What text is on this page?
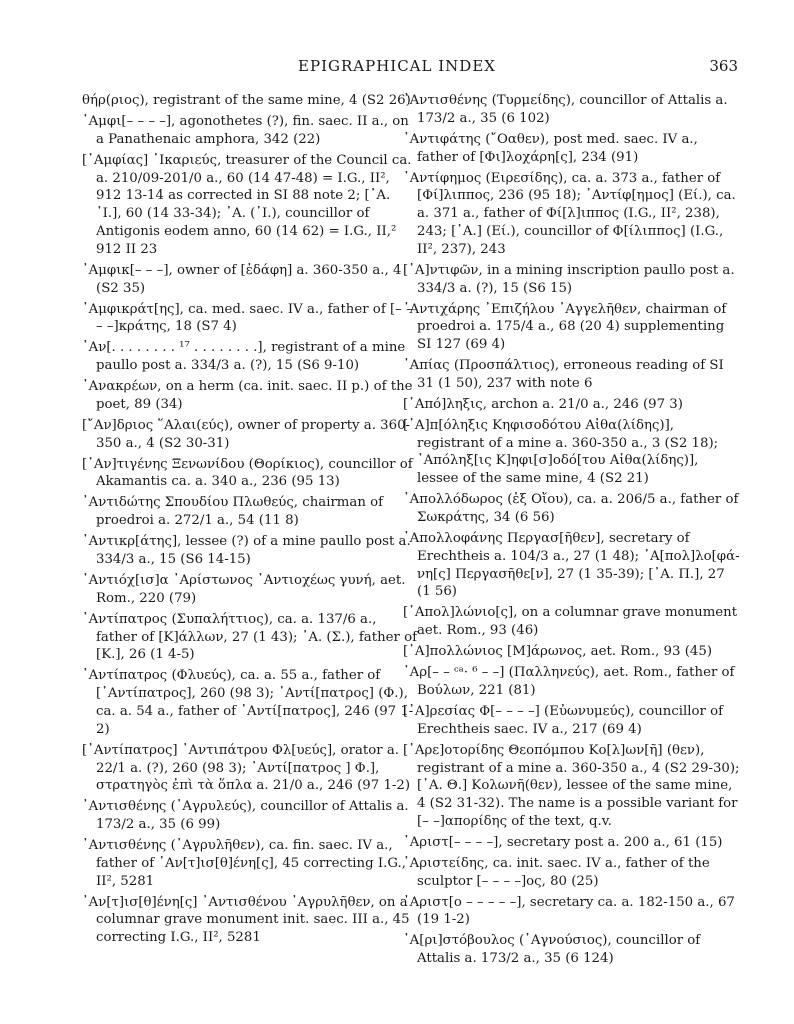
EPIGRAPHICAL INDEX	363

θήρ(ριος), registrant of the same mine, 4 (S2 26)

᾿Αμφι[– – – –], agonothetes (?), fin. saec. II a., on a Panathenaic amphora, 342 (22)

[᾿Αμφίας] ᾿Ικαριεύς, treasurer of the Council ca. a. 210/09-201/0 a., 60 (14 47-48) = I.G., II², 912 13-14 as corrected in SI 88 note 2; [᾿Α. ᾿Ι.], 60 (14 33-34); ᾿Α. (᾿Ι.), councillor of Antigonis eodem anno, 60 (14 62) = I.G., II,² 912 II 23

᾿Αμφικ[– – –], owner of [ἐδάφη] a. 360-350 a., 4 (S2 35)

᾿Αμφικράτ[ης], ca. med. saec. IV a., father of [– – – –]κράτης, 18 (S7 4)

᾿Αν[. . . . . . . . ¹⁷ . . . . . . . .], registrant of a mine paullo post a. 334/3 a. (?), 15 (S6 9-10)

᾿Ανακρέων, on a herm (ca. init. saec. II p.) of the poet, 89 (34)

[῎Αν]δριος ῞Αλαι(εύς), owner of property a. 360-350 a., 4 (S2 30-31)

[᾿Αν]τιγένης Ξενωνίδου (Θορίκιος), councillor of Akamantis ca. a. 340 a., 236 (95 13)

᾿Αντιδώτης Σπουδίου Πλωθεύς, chairman of proedroi a. 272/1 a., 54 (11 8)

᾿Αντικρ[άτης], lessee (?) of a mine paullo post a. 334/3 a., 15 (S6 14-15)

᾿Αντιόχ[ισ]α ᾿Αρίστωνος ᾿Αντιοχέως γυνή, aet. Rom., 220 (79)

᾿Αντίπατρος (Συπαλήττιος), ca. a. 137/6 a., father of [Κ]άλλων, 27 (1 43); ᾿Α. (Σ.), father of [Κ.], 26 (1 4-5)

᾿Αντίπατρος (Φλυεύς), ca. a. 55 a., father of [᾿Αντίπατρος], 260 (98 3); ᾿Αντί[πατρος] (Φ.), ca. a. 54 a., father of ᾿Αντί[πατρος], 246 (97 1-2)

[᾿Αντίπατρος] ᾿Αντιπάτρου Φλ[υεύς], orator a. 22/1 a. (?), 260 (98 3); ᾿Αντί[πατρος ] Φ.], στρατηγὸς ἐπὶ τὰ ὅπλα a. 21/0 a., 246 (97 1-2)

᾿Αντισθένης (᾿Αγρυλεύς), councillor of Attalis a. 173/2 a., 35 (6 99)

᾿Αντισθένης (᾿Αγρυλῆθεν), ca. fin. saec. IV a., father of ᾿Αν[τ]ισ[θ]ένη[ς], 45 correcting I.G., II², 5281

᾿Αν[τ]ισ[θ]ένη[ς] ᾿Αντισθένου ᾿Αγρυλῆθεν, on a columnar grave monument init. saec. III a., 45 correcting I.G., II², 5281

᾿Αντισθένης (Τυρμείδης), councillor of Attalis a. 173/2 a., 35 (6 102)

᾿Αντιφάτης (῎Οαθεν), post med. saec. IV a., father of [Φι]λοχάρη[ς], 234 (91)

᾿Αντίφημος (Ειρεσίδης), ca. a. 373 a., father of [Φί]λιππος, 236 (95 18); ᾿Αντίφ[ημος] (Eί.), ca. a. 371 a., father of Φί[λ]ιππος (I.G., II², 238), 243; [᾿Α.] (Eί.), councillor of Φ[ίλιππος] (I.G., II², 237), 243

[᾿Α]ντιφῶν, in a mining inscription paullo post a. 334/3 a. (?), 15 (S6 15)

᾿Αντιχάρης ᾿Επιζήλου ᾿Αγγελῆθεν, chairman of proedroi a. 175/4 a., 68 (20 4) supplementing SI 127 (69 4)

᾿Απίας (Προσπάλτιος), erroneous reading of SI 31 (1 50), 237 with note 6

[᾿Από]ληξις, archon a. 21/0 a., 246 (97 3)

[᾿Α]π[όληξις Κηφισοδότου Αἰθα(λίδης)], registrant of a mine a. 360-350 a., 3 (S2 18); ᾿Απόληξ[ις Κ]ηφι[σ]οδό[του Αἰθα(λίδης)], lessee of the same mine, 4 (S2 21)

᾿Απολλόδωρος (ἐξ Οἴου), ca. a. 206/5 a., father of Σωκράτης, 34 (6 56)

᾿Απολλοφάνης Περγασ[ῆθεν], secretary of Erechtheis a. 104/3 a., 27 (1 48); ᾿Α[πολ]λο[φά-νη[ς] Περγασῆθε[ν], 27 (1 35-39); [᾿Α. Π.], 27 (1 56)

[᾿Απολ]λώνιο[ς], on a columnar grave monument aet. Rom., 93 (46)

[᾿Α]πολλώνιος [Μ]άρωνος, aet. Rom., 93 (45)

᾿Αρ[– – ᶜᵃ· ⁶ – –] (Παλληνεύς), aet. Rom., father of Βούλων, 221 (81)

[᾿Α]ρεσίας Φ[– – – –] (Εὐωνυμεύς), councillor of Erechtheis saec. IV a., 217 (69 4)

[᾿Αρε]οτορίδης Θεοπόμπου Κο[λ]ων[ῆ] (θεν), registrant of a mine a. 360-350 a., 4 (S2 29-30); [᾿Α. Θ.] Κολωνῆ(θεν), lessee of the same mine, 4 (S2 31-32). The name is a possible variant for [– –]απορίδης of the text, q.v.

᾿Αριστ[– – – –], secretary post a. 200 a., 61 (15)

᾿Αριστείδης, ca. init. saec. IV a., father of the sculptor [– – – –]ος, 80 (25)

᾿Αριστ[ο – – – – –], secretary ca. a. 182-150 a., 67 (19 1-2)

᾿Α[ρι]στόβουλος (᾿Αγνούσιος), councillor of Attalis a. 173/2 a., 35 (6 124)
